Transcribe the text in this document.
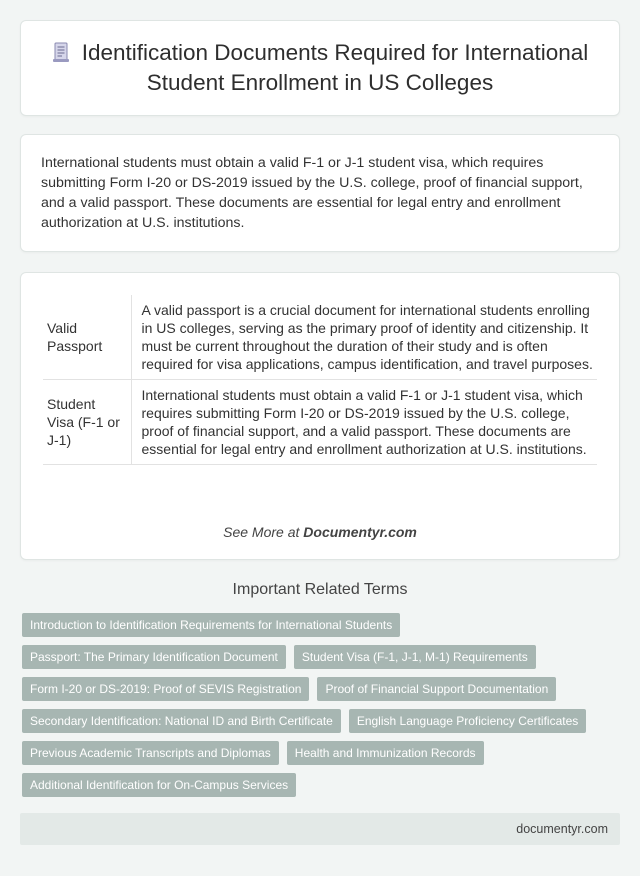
Identification Documents Required for International Student Enrollment in US Colleges

International students must obtain a valid F-1 or J-1 student visa, which requires submitting Form I-20 or DS-2019 issued by the U.S. college, proof of financial support, and a valid passport. These documents are essential for legal entry and enrollment authorization at U.S. institutions.

Valid Passport	A valid passport is a crucial document for international students enrolling in US colleges, serving as the primary proof of identity and citizenship. It must be current throughout the duration of their study and is often required for visa applications, campus identification, and travel purposes.
Student Visa (F-1 or J-1)	International students must obtain a valid F-1 or J-1 student visa, which requires submitting Form I-20 or DS-2019 issued by the U.S. college, proof of financial support, and a valid passport. These documents are essential for legal entry and enrollment authorization at U.S. institutions.
See More at Documentyr.com
Important Related Terms
Introduction to Identification Requirements for International Students
Passport: The Primary Identification Document	Student Visa (F-1, J-1, M-1) Requirements
Form I-20 or DS-2019: Proof of SEVIS Registration	Proof of Financial Support Documentation
Secondary Identification: National ID and Birth Certificate	English Language Proficiency Certificates
Previous Academic Transcripts and Diplomas	Health and Immunization Records
Additional Identification for On-Campus Services
documentyr.com
